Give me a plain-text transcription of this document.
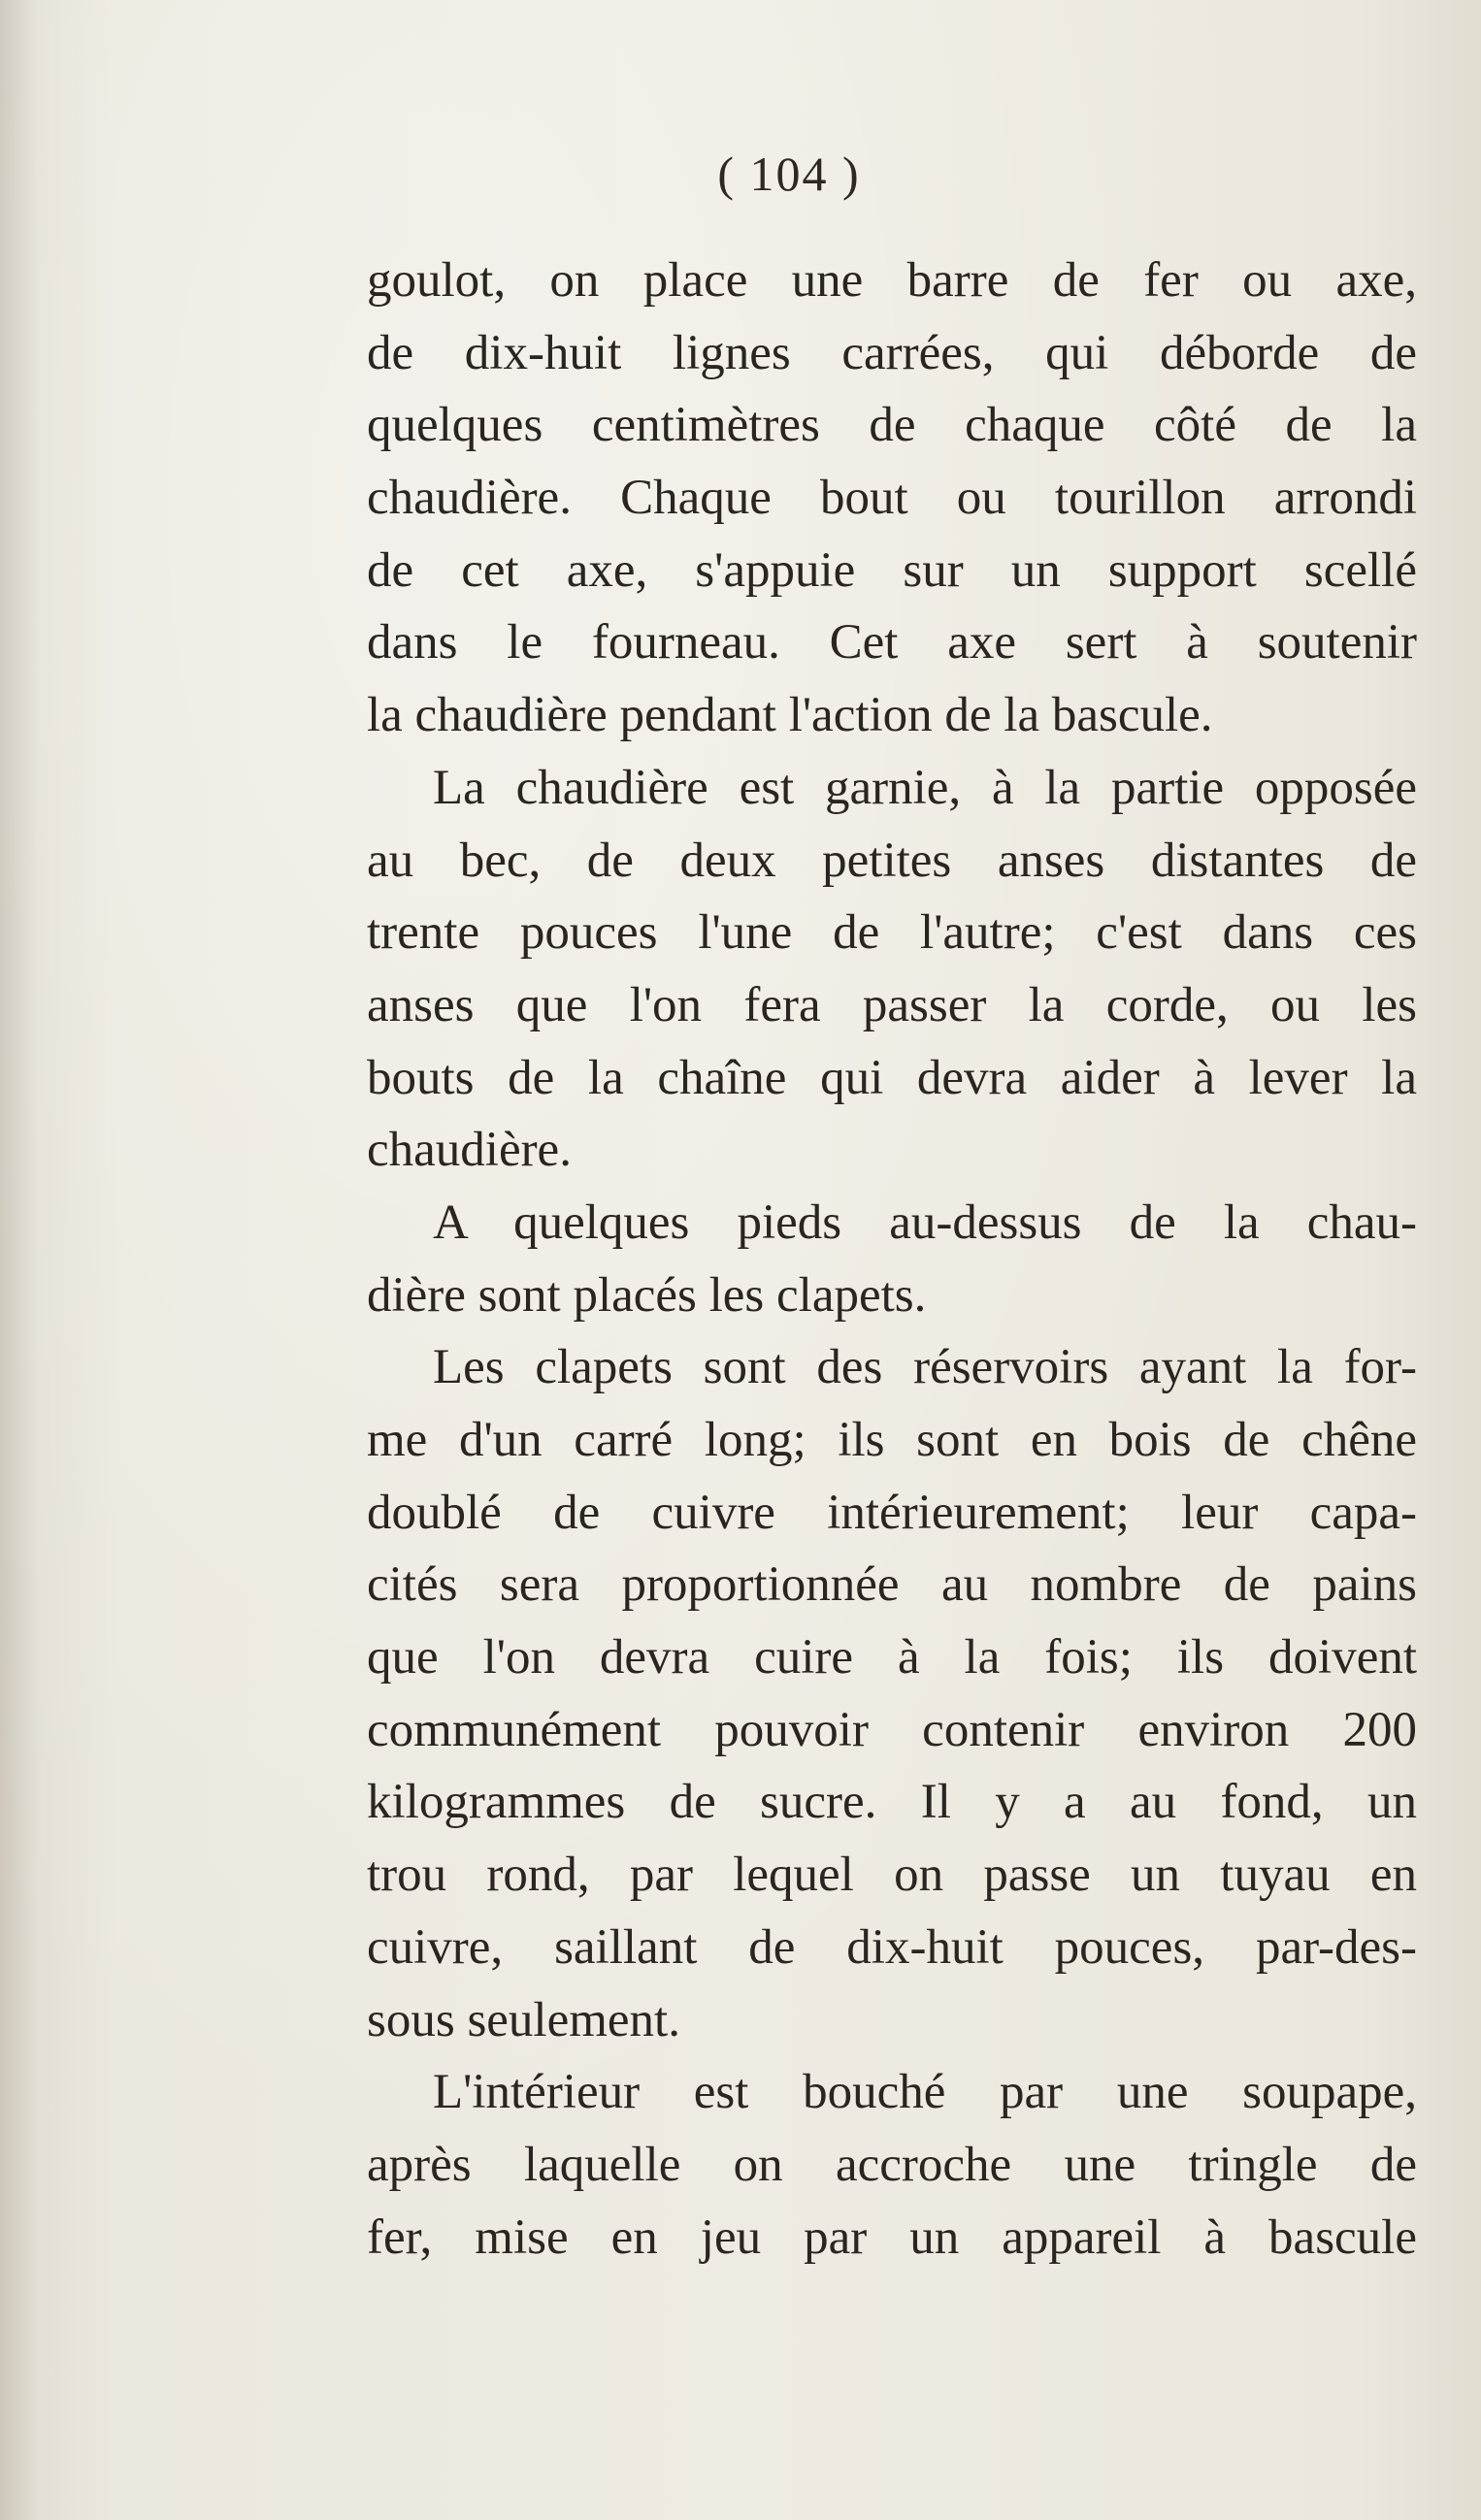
( 104 )
goulot, on place une barre de fer ou axe,
de dix-huit lignes carrées, qui déborde de
quelques centimètres de chaque côté de la
chaudière. Chaque bout ou tourillon arrondi
de cet axe, s'appuie sur un support scellé
dans le fourneau. Cet axe sert à soutenir
la chaudière pendant l'action de la bascule.
La chaudière est garnie, à la partie opposée
au bec, de deux petites anses distantes de
trente pouces l'une de l'autre; c'est dans ces
anses que l'on fera passer la corde, ou les
bouts de la chaîne qui devra aider à lever la
chaudière.
A quelques pieds au-dessus de la chau-
dière sont placés les clapets.
Les clapets sont des réservoirs ayant la for-
me d'un carré long; ils sont en bois de chêne
doublé de cuivre intérieurement; leur capa-
cités sera proportionnée au nombre de pains
que l'on devra cuire à la fois; ils doivent
communément pouvoir contenir environ 200
kilogrammes de sucre. Il y a au fond, un
trou rond, par lequel on passe un tuyau en
cuivre, saillant de dix-huit pouces, par-des-
sous seulement.
L'intérieur est bouché par une soupape,
après laquelle on accroche une tringle de
fer, mise en jeu par un appareil à bascule
